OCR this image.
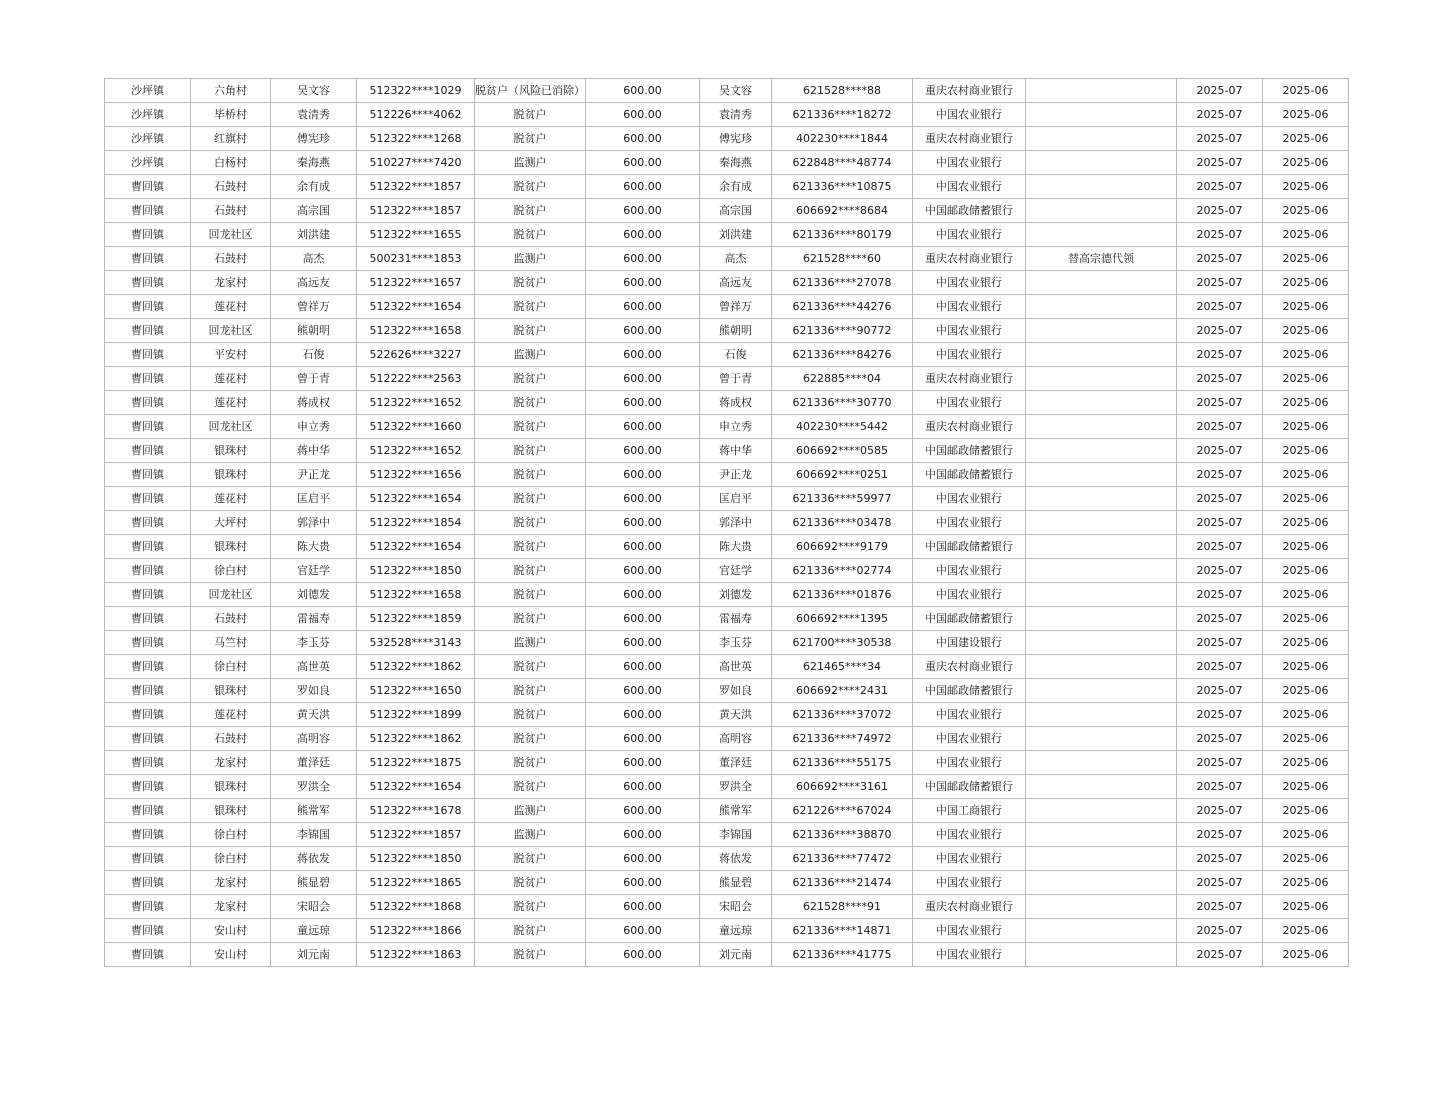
沙坪镇	六角村	吴文容	512322****1029	脱贫户（风险已消除）	600.00	吴文容	621528****88	重庆农村商业银行		2025-07	2025-06
沙坪镇	毕桥村	袁清秀	512226****4062	脱贫户	600.00	袁清秀	621336****18272	中国农业银行		2025-07	2025-06
沙坪镇	红旗村	傅宪珍	512322****1268	脱贫户	600.00	傅宪珍	402230****1844	重庆农村商业银行		2025-07	2025-06
沙坪镇	白杨村	秦海燕	510227****7420	监测户	600.00	秦海燕	622848****48774	中国农业银行		2025-07	2025-06
曹回镇	石鼓村	余有成	512322****1857	脱贫户	600.00	余有成	621336****10875	中国农业银行		2025-07	2025-06
曹回镇	石鼓村	高宗国	512322****1857	脱贫户	600.00	高宗国	606692****8684	中国邮政储蓄银行		2025-07	2025-06
曹回镇	回龙社区	刘洪建	512322****1655	脱贫户	600.00	刘洪建	621336****80179	中国农业银行		2025-07	2025-06
曹回镇	石鼓村	高杰	500231****1853	监测户	600.00	高杰	621528****60	重庆农村商业银行	替高宗德代领	2025-07	2025-06
曹回镇	龙家村	高远友	512322****1657	脱贫户	600.00	高远友	621336****27078	中国农业银行		2025-07	2025-06
曹回镇	莲花村	曾祥万	512322****1654	脱贫户	600.00	曾祥万	621336****44276	中国农业银行		2025-07	2025-06
曹回镇	回龙社区	熊朝明	512322****1658	脱贫户	600.00	熊朝明	621336****90772	中国农业银行		2025-07	2025-06
曹回镇	平安村	石俊	522626****3227	监测户	600.00	石俊	621336****84276	中国农业银行		2025-07	2025-06
曹回镇	莲花村	曾于青	512222****2563	脱贫户	600.00	曾于青	622885****04	重庆农村商业银行		2025-07	2025-06
曹回镇	莲花村	蒋成权	512322****1652	脱贫户	600.00	蒋成权	621336****30770	中国农业银行		2025-07	2025-06
曹回镇	回龙社区	申立秀	512322****1660	脱贫户	600.00	申立秀	402230****5442	重庆农村商业银行		2025-07	2025-06
曹回镇	银珠村	蒋中华	512322****1652	脱贫户	600.00	蒋中华	606692****0585	中国邮政储蓄银行		2025-07	2025-06
曹回镇	银珠村	尹正龙	512322****1656	脱贫户	600.00	尹正龙	606692****0251	中国邮政储蓄银行		2025-07	2025-06
曹回镇	莲花村	匡启平	512322****1654	脱贫户	600.00	匡启平	621336****59977	中国农业银行		2025-07	2025-06
曹回镇	大坪村	郭泽中	512322****1854	脱贫户	600.00	郭泽中	621336****03478	中国农业银行		2025-07	2025-06
曹回镇	银珠村	陈大贵	512322****1654	脱贫户	600.00	陈大贵	606692****9179	中国邮政储蓄银行		2025-07	2025-06
曹回镇	徐白村	官廷学	512322****1850	脱贫户	600.00	官廷学	621336****02774	中国农业银行		2025-07	2025-06
曹回镇	回龙社区	刘德发	512322****1658	脱贫户	600.00	刘德发	621336****01876	中国农业银行		2025-07	2025-06
曹回镇	石鼓村	雷福寿	512322****1859	脱贫户	600.00	雷福寿	606692****1395	中国邮政储蓄银行		2025-07	2025-06
曹回镇	马竺村	李玉芬	532528****3143	监测户	600.00	李玉芬	621700****30538	中国建设银行		2025-07	2025-06
曹回镇	徐白村	高世英	512322****1862	脱贫户	600.00	高世英	621465****34	重庆农村商业银行		2025-07	2025-06
曹回镇	银珠村	罗如良	512322****1650	脱贫户	600.00	罗如良	606692****2431	中国邮政储蓄银行		2025-07	2025-06
曹回镇	莲花村	黄天洪	512322****1899	脱贫户	600.00	黄天洪	621336****37072	中国农业银行		2025-07	2025-06
曹回镇	石鼓村	高明容	512322****1862	脱贫户	600.00	高明容	621336****74972	中国农业银行		2025-07	2025-06
曹回镇	龙家村	董泽廷	512322****1875	脱贫户	600.00	董泽廷	621336****55175	中国农业银行		2025-07	2025-06
曹回镇	银珠村	罗洪全	512322****1654	脱贫户	600.00	罗洪全	606692****3161	中国邮政储蓄银行		2025-07	2025-06
曹回镇	银珠村	熊常军	512322****1678	监测户	600.00	熊常军	621226****67024	中国工商银行		2025-07	2025-06
曹回镇	徐白村	李锦国	512322****1857	监测户	600.00	李锦国	621336****38870	中国农业银行		2025-07	2025-06
曹回镇	徐白村	蒋依发	512322****1850	脱贫户	600.00	蒋依发	621336****77472	中国农业银行		2025-07	2025-06
曹回镇	龙家村	熊显碧	512322****1865	脱贫户	600.00	熊显碧	621336****21474	中国农业银行		2025-07	2025-06
曹回镇	龙家村	宋昭会	512322****1868	脱贫户	600.00	宋昭会	621528****91	重庆农村商业银行		2025-07	2025-06
曹回镇	安山村	童远琼	512322****1866	脱贫户	600.00	童远琼	621336****14871	中国农业银行		2025-07	2025-06
曹回镇	安山村	刘元南	512322****1863	脱贫户	600.00	刘元南	621336****41775	中国农业银行		2025-07	2025-06
